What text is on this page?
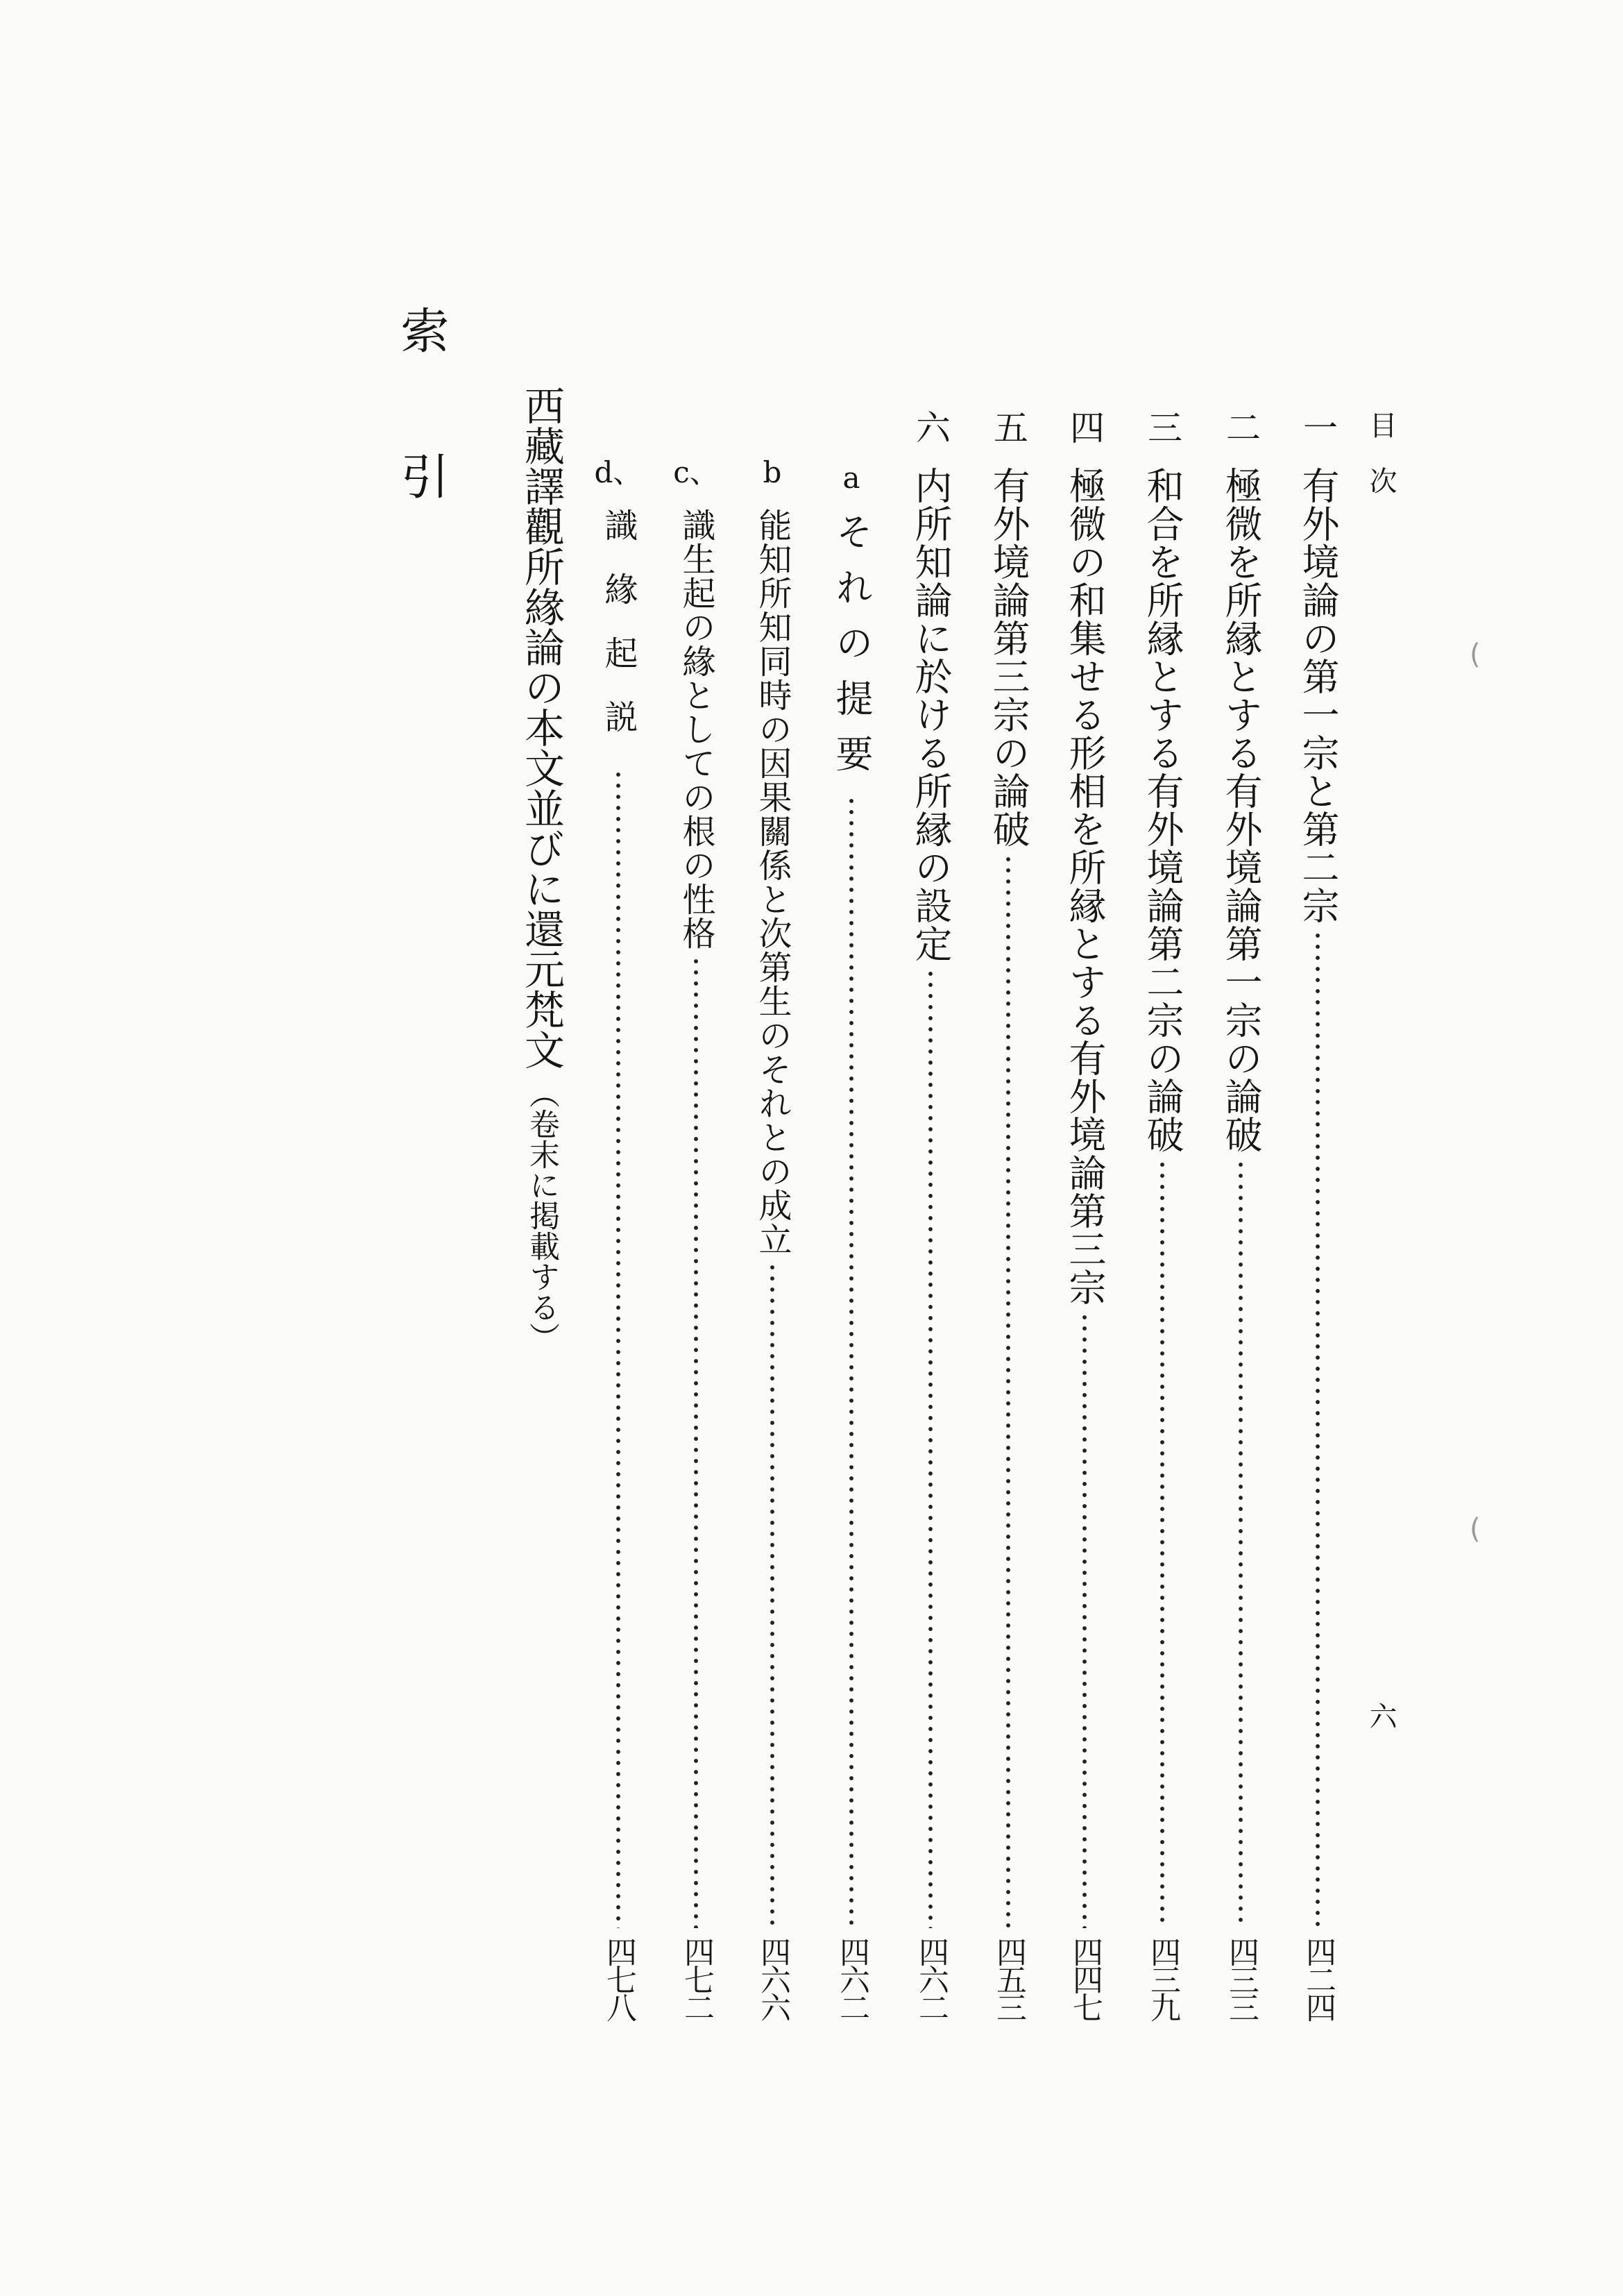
目　次
六
一
有外境論の第一宗と第二宗
四二四
二
極微を所縁とする有外境論第一宗の論破
四三三
三
和合を所縁とする有外境論第二宗の論破
四三九
四
極微の和集せる形相を所縁とする有外境論第三宗
四四七
五
有外境論第三宗の論破
四五三
六
内所知論に於ける所縁の設定
四六二
a
それの提要
四六二
b
能知所知同時の因果關係と次第生のそれとの成立
四六六
c、
識生起の緣としての根の性格
四七二
d、
識緣起説
四七八
西藏譯觀所緣論の本文並びに還元梵文
（卷末に掲載する）
索　　引
(
(
